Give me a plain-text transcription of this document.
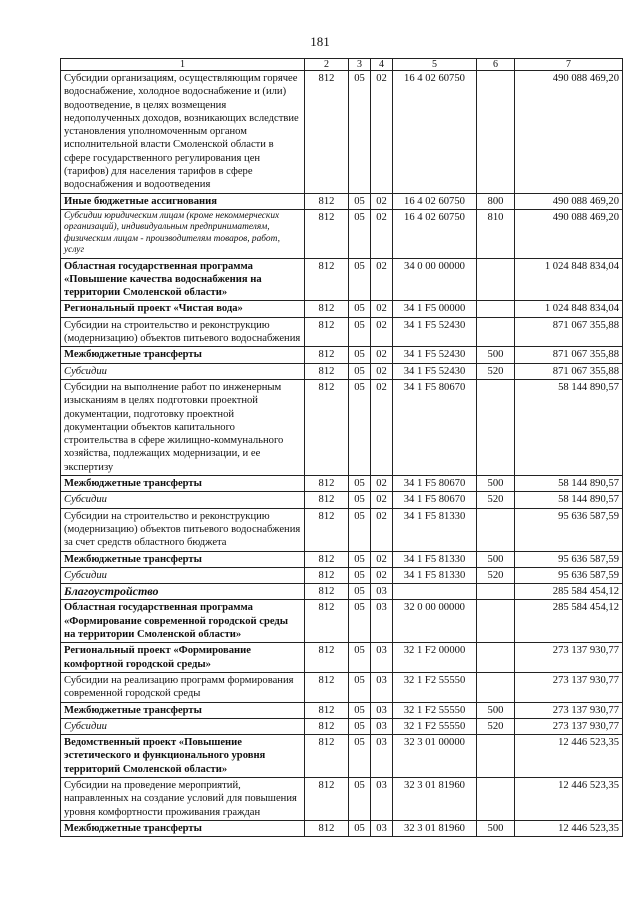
181
1	2	3	4	5	6	7
Субсидии организациям, осуществляющим горячее водоснабжение, холодное водоснабжение и (или) водоотведение, в целях возмещения недополученных доходов, возникающих вследствие установления уполномоченным органом исполнительной власти Смоленской области в сфере государственного регулирования цен (тарифов) для населения тарифов в сфере водоснабжения и водоотведения	812	05	02	16 4 02 60750		490 088 469,20
Иные бюджетные ассигнования	812	05	02	16 4 02 60750	800	490 088 469,20
Субсидии юридическим лицам (кроме некоммерческих организаций), индивидуальным предпринимателям, физическим лицам - производителям товаров, работ, услуг	812	05	02	16 4 02 60750	810	490 088 469,20
Областная государственная программа «Повышение качества водоснабжения на территории Смоленской области»	812	05	02	34 0 00 00000		1 024 848 834,04
Региональный проект «Чистая вода»	812	05	02	34 1 F5 00000		1 024 848 834,04
Субсидии на строительство и реконструкцию (модернизацию) объектов питьевого водоснабжения	812	05	02	34 1 F5 52430		871 067 355,88
Межбюджетные трансферты	812	05	02	34 1 F5 52430	500	871 067 355,88
Субсидии	812	05	02	34 1 F5 52430	520	871 067 355,88
Субсидии на выполнение работ по инженерным изысканиям в целях подготовки проектной документации, подготовку проектной документации объектов капитального строительства в сфере жилищно-коммунального хозяйства, подлежащих модернизации, и ее экспертизу	812	05	02	34 1 F5 80670		58 144 890,57
Межбюджетные трансферты	812	05	02	34 1 F5 80670	500	58 144 890,57
Субсидии	812	05	02	34 1 F5 80670	520	58 144 890,57
Субсидии на строительство и реконструкцию (модернизацию) объектов питьевого водоснабжения за счет средств областного бюджета	812	05	02	34 1 F5 81330		95 636 587,59
Межбюджетные трансферты	812	05	02	34 1 F5 81330	500	95 636 587,59
Субсидии	812	05	02	34 1 F5 81330	520	95 636 587,59
Благоустройство	812	05	03			285 584 454,12
Областная государственная программа «Формирование современной городской среды на территории Смоленской области»	812	05	03	32 0 00 00000		285 584 454,12
Региональный проект «Формирование комфортной городской среды»	812	05	03	32 1 F2 00000		273 137 930,77
Субсидии на реализацию программ формирования современной городской среды	812	05	03	32 1 F2 55550		273 137 930,77
Межбюджетные трансферты	812	05	03	32 1 F2 55550	500	273 137 930,77
Субсидии	812	05	03	32 1 F2 55550	520	273 137 930,77
Ведомственный проект «Повышение эстетического и функционального уровня территорий Смоленской области»	812	05	03	32 3 01 00000		12 446 523,35
Субсидии на проведение мероприятий, направленных на создание условий для повышения уровня комфортности проживания граждан	812	05	03	32 3 01 81960		12 446 523,35
Межбюджетные трансферты	812	05	03	32 3 01 81960	500	12 446 523,35
